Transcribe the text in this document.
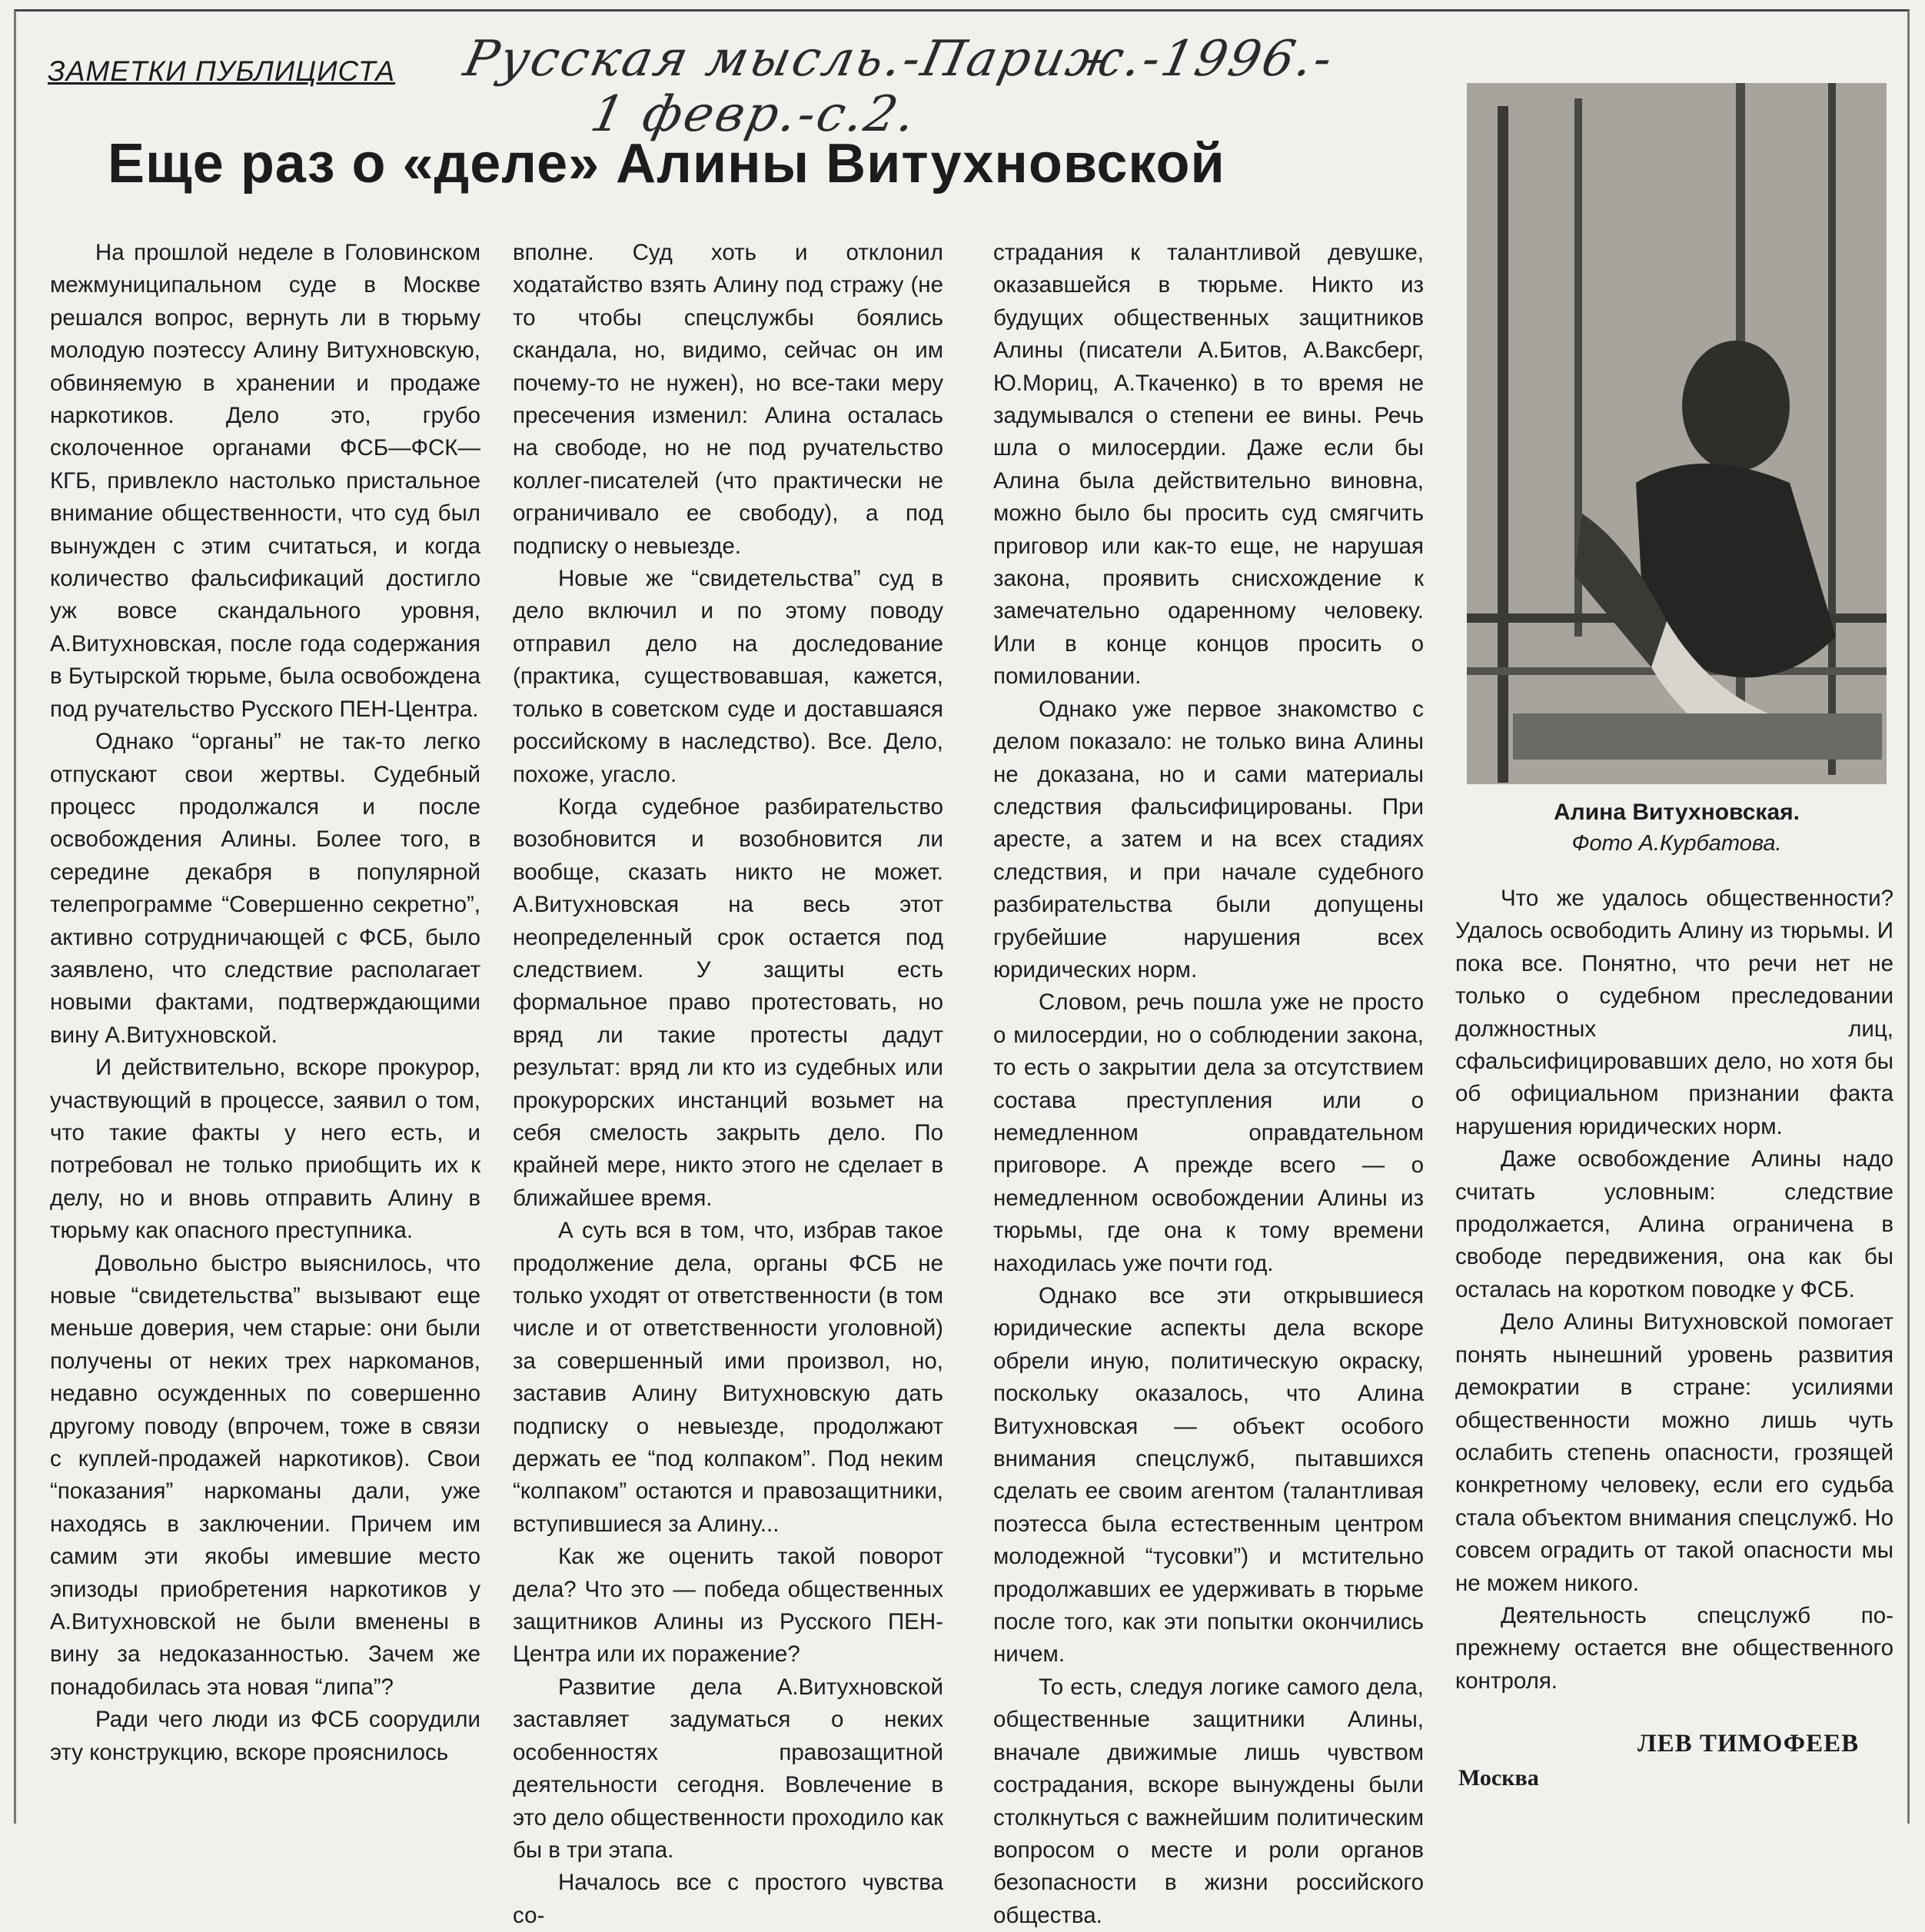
ЗАМЕТКИ ПУБЛИЦИСТА Русская мысль.-Париж.-1996.-
1 февр.-с.2.
Еще раз о «деле» Алины Витухновской

На прошлой неделе в Головинском межмуниципальном суде в Москве решался вопрос, вернуть ли в тюрьму молодую поэтессу Алину Витухновскую, обвиняемую в хранении и продаже наркотиков. Дело это, грубо сколоченное органами ФСБ—ФСК—КГБ, привлекло настолько пристальное внимание общественности, что суд был вынужден с этим считаться, и когда количество фальсификаций достигло уж вовсе скандального уровня, А.Витухновская, после года содержания в Бутырской тюрьме, была освобождена под ручательство Русского ПЕН-Центра.

Однако “органы” не так-то легко отпускают свои жертвы. Судебный процесс продолжался и после освобождения Алины. Более того, в середине декабря в популярной телепрограмме “Совершенно секретно”, активно сотрудничающей с ФСБ, было заявлено, что следствие располагает новыми фактами, подтверждающими вину А.Витухновской.

И действительно, вскоре прокурор, участвующий в процессе, заявил о том, что такие факты у него есть, и потребовал не только приобщить их к делу, но и вновь отправить Алину в тюрьму как опасного преступника.

Довольно быстро выяснилось, что новые “свидетельства” вызывают еще меньше доверия, чем старые: они были получены от неких трех наркоманов, недавно осужденных по совершенно другому поводу (впрочем, тоже в связи с куплей-продажей наркотиков). Свои “показания” наркоманы дали, уже находясь в заключении. Причем им самим эти якобы имевшие место эпизоды приобретения наркотиков у А.Витухновской не были вменены в вину за недоказанностью. Зачем же понадобилась эта новая “липа”?

Ради чего люди из ФСБ соорудили эту конструкцию, вскоре прояснилось

вполне. Суд хоть и отклонил ходатайство взять Алину под стражу (не то чтобы спецслужбы боялись скандала, но, видимо, сейчас он им почему-то не нужен), но все-таки меру пресечения изменил: Алина осталась на свободе, но не под ручательство коллег-писателей (что практически не ограничивало ее свободу), а под подписку о невыезде.

Новые же “свидетельства” суд в дело включил и по этому поводу отправил дело на доследование (практика, существовавшая, кажется, только в советском суде и доставшаяся российскому в наследство). Все. Дело, похоже, угасло.

Когда судебное разбирательство возобновится и возобновится ли вообще, сказать никто не может. А.Витухновская на весь этот неопределенный срок остается под следствием. У защиты есть формальное право протестовать, но вряд ли такие протесты дадут результат: вряд ли кто из судебных или прокурорских инстанций возьмет на себя смелость закрыть дело. По крайней мере, никто этого не сделает в ближайшее время.

А суть вся в том, что, избрав такое продолжение дела, органы ФСБ не только уходят от ответственности (в том числе и от ответственности уголовной) за совершенный ими произвол, но, заставив Алину Витухновскую дать подписку о невыезде, продолжают держать ее “под колпаком”. Под неким “колпаком” остаются и правозащитники, вступившиеся за Алину...

Как же оценить такой поворот дела? Что это — победа общественных защитников Алины из Русского ПЕН-Центра или их поражение?

Развитие дела А.Витухновской заставляет задуматься о неких особенностях правозащитной деятельности сегодня. Вовлечение в это дело общественности проходило как бы в три этапа.

Началось все с простого чувства со-

страдания к талантливой девушке, оказавшейся в тюрьме. Никто из будущих общественных защитников Алины (писатели А.Битов, А.Ваксберг, Ю.Мориц, А.Ткаченко) в то время не задумывался о степени ее вины. Речь шла о милосердии. Даже если бы Алина была действительно виновна, можно было бы просить суд смягчить приговор или как-то еще, не нарушая закона, проявить снисхождение к замечательно одаренному человеку. Или в конце концов просить о помиловании.

Однако уже первое знакомство с делом показало: не только вина Алины не доказана, но и сами материалы следствия фальсифицированы. При аресте, а затем и на всех стадиях следствия, и при начале судебного разбирательства были допущены грубейшие нарушения всех юридических норм.

Словом, речь пошла уже не просто о милосердии, но о соблюдении закона, то есть о закрытии дела за отсутствием состава преступления или о немедленном оправдательном приговоре. А прежде всего — о немедленном освобождении Алины из тюрьмы, где она к тому времени находилась уже почти год.

Однако все эти открывшиеся юридические аспекты дела вскоре обрели иную, политическую окраску, поскольку оказалось, что Алина Витухновская — объект особого внимания спецслужб, пытавшихся сделать ее своим агентом (талантливая поэтесса была естественным центром молодежной “тусовки”) и мстительно продолжавших ее удерживать в тюрьме после того, как эти попытки окончились ничем.

То есть, следуя логике самого дела, общественные защитники Алины, вначале движимые лишь чувством сострадания, вскоре вынуждены были столкнуться с важнейшим политическим вопросом о месте и роли органов безопасности в жизни российского общества.

Алина Витухновская.
Фото А.Курбатова.

Что же удалось общественности? Удалось освободить Алину из тюрьмы. И пока все. Понятно, что речи нет не только о судебном преследовании должностных лиц, сфальсифицировавших дело, но хотя бы об официальном признании факта нарушения юридических норм.

Даже освобождение Алины надо считать условным: следствие продолжается, Алина ограничена в свободе передвижения, она как бы осталась на коротком поводке у ФСБ.

Дело Алины Витухновской помогает понять нынешний уровень развития демократии в стране: усилиями общественности можно лишь чуть ослабить степень опасности, грозящей конкретному человеку, если его судьба стала объектом внимания спецслужб. Но совсем оградить от такой опасности мы не можем никого.

Деятельность спецслужб по-прежнему остается вне общественного контроля.

ЛЕВ ТИМОФЕЕВ
Москва
